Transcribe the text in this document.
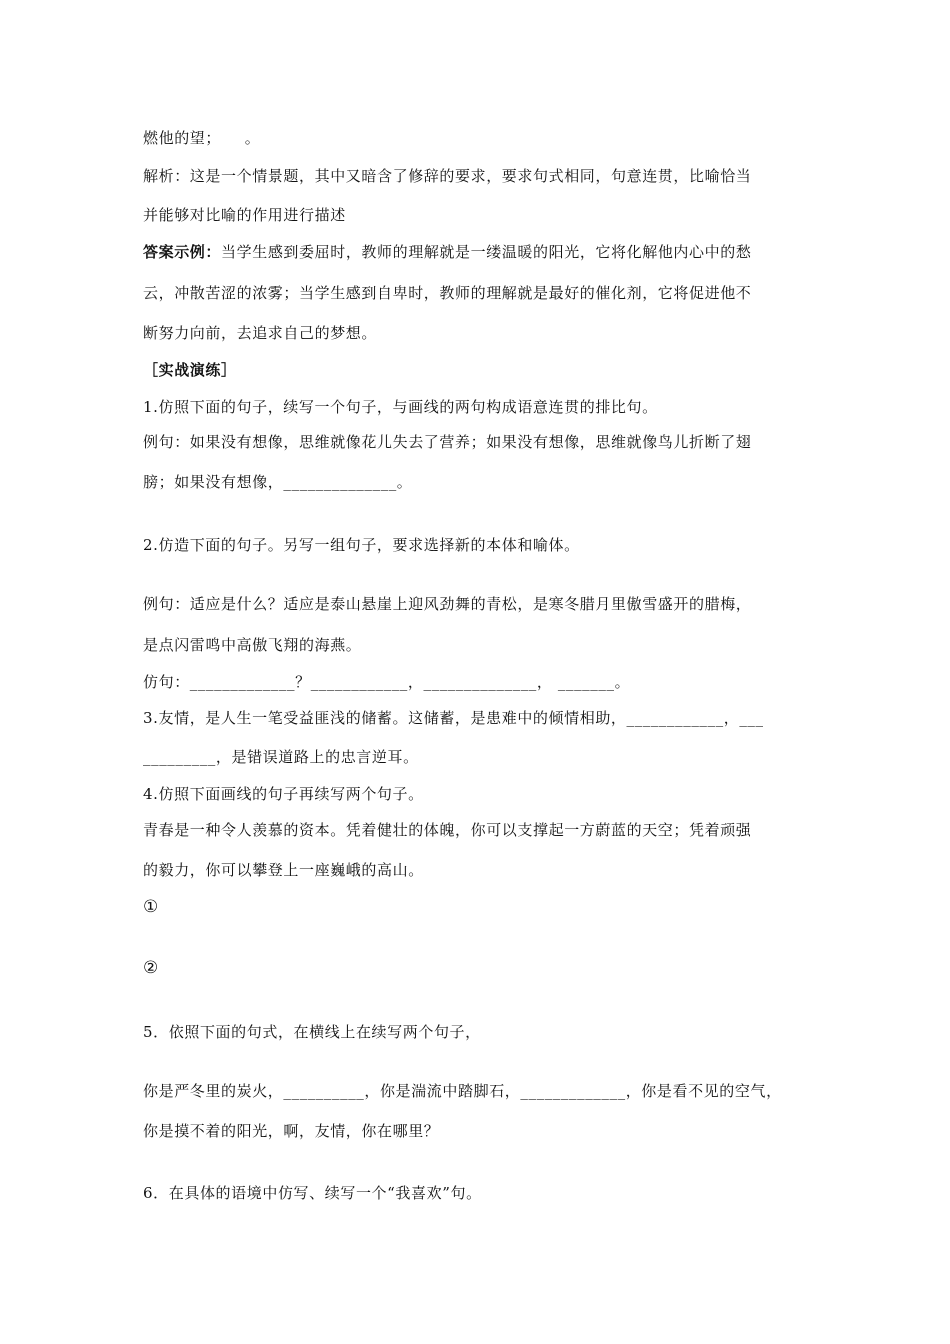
燃他的望；　　。
解析：这是一个情景题，其中又暗含了修辞的要求，要求句式相同，句意连贯，比喻恰当
并能够对比喻的作用进行描述
答案示例：当学生感到委屈时，教师的理解就是一缕温暖的阳光，它将化解他内心中的愁
云，冲散苦涩的浓雾；当学生感到自卑时，教师的理解就是最好的催化剂，它将促进他不
断努力向前，去追求自己的梦想。
［实战演练］
1.仿照下面的句子，续写一个句子，与画线的两句构成语意连贯的排比句。
例句：如果没有想像，思维就像花儿失去了营养；如果没有想像，思维就像鸟儿折断了翅
膀；如果没有想像，______________。
2.仿造下面的句子。另写一组句子，要求选择新的本体和喻体。
例句：适应是什么？适应是泰山悬崖上迎风劲舞的青松，是寒冬腊月里傲雪盛开的腊梅，
是点闪雷鸣中高傲飞翔的海燕。
仿句：_____________？____________，______________， _______。
3.友情，是人生一笔受益匪浅的储蓄。这储蓄，是患难中的倾情相助，____________，___
_________，是错误道路上的忠言逆耳。
4.仿照下面画线的句子再续写两个句子。
青春是一种令人羡慕的资本。凭着健壮的体魄，你可以支撑起一方蔚蓝的天空；凭着顽强
的毅力，你可以攀登上一座巍峨的高山。
①
②
5．依照下面的句式，在横线上在续写两个句子，
你是严冬里的炭火，__________，你是湍流中踏脚石，_____________，你是看不见的空气，
你是摸不着的阳光，啊，友情，你在哪里？
6．在具体的语境中仿写、续写一个“我喜欢”句。
